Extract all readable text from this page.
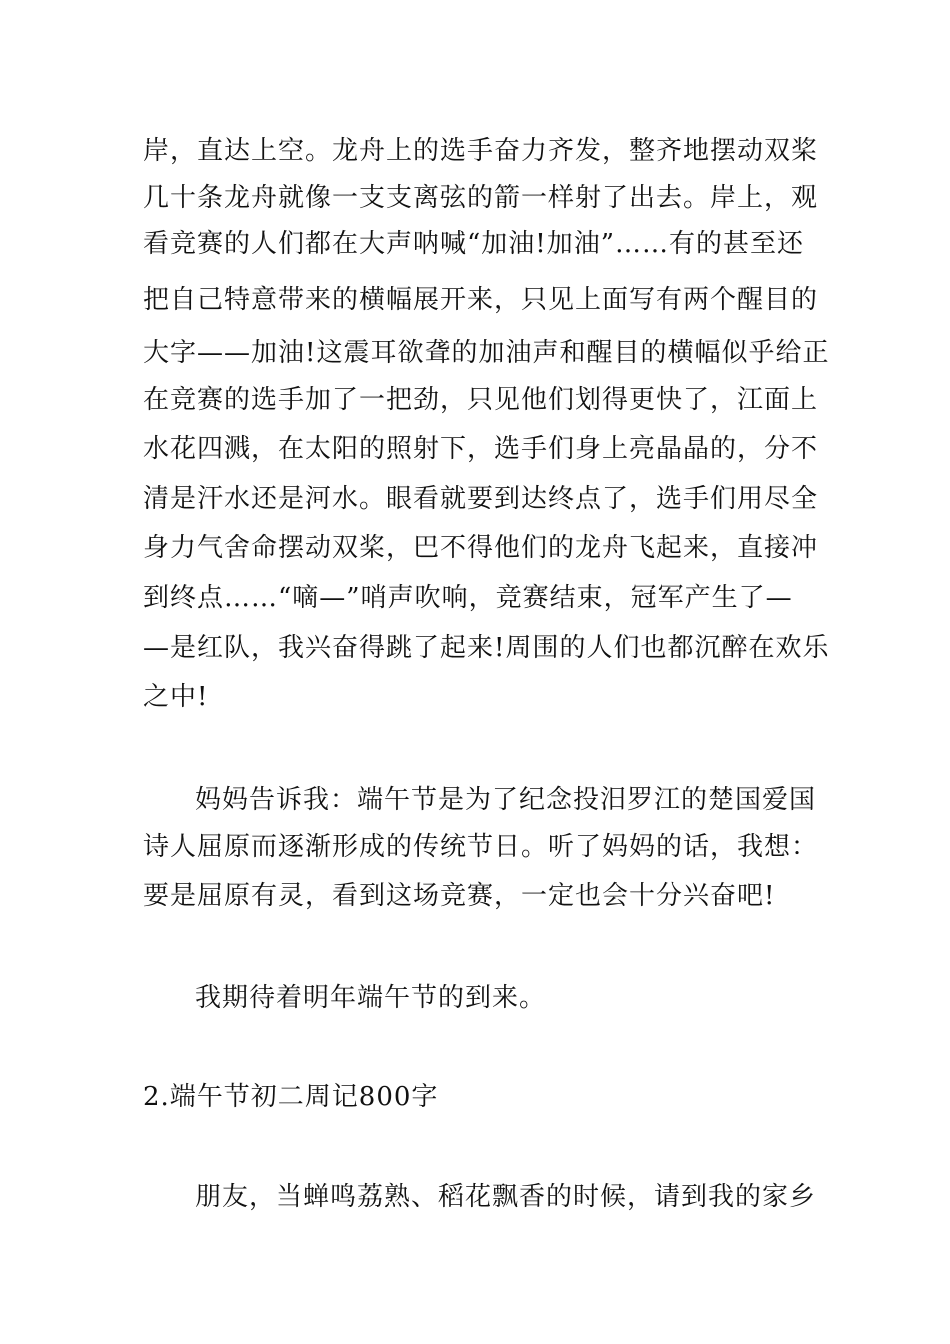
岸，直达上空。龙舟上的选手奋力齐发，整齐地摆动双桨
几十条龙舟就像一支支离弦的箭一样射了出去。岸上，观
看竞赛的人们都在大声呐喊“加油!加油”……有的甚至还
把自己特意带来的横幅展开来，只见上面写有两个醒目的
大字——加油!这震耳欲聋的加油声和醒目的横幅似乎给正
在竞赛的选手加了一把劲，只见他们划得更快了，江面上
水花四溅，在太阳的照射下，选手们身上亮晶晶的，分不
清是汗水还是河水。眼看就要到达终点了，选手们用尽全
身力气舍命摆动双桨，巴不得他们的龙舟飞起来，直接冲
到终点……“嘀—”哨声吹响，竞赛结束，冠军产生了—
—是红队，我兴奋得跳了起来!周围的人们也都沉醉在欢乐
之中!
妈妈告诉我：端午节是为了纪念投汨罗江的楚国爱国
诗人屈原而逐渐形成的传统节日。听了妈妈的话，我想：
要是屈原有灵，看到这场竞赛，一定也会十分兴奋吧!
我期待着明年端午节的到来。
2.端午节初二周记800字
朋友，当蝉鸣荔熟、稻花飘香的时候，请到我的家乡
